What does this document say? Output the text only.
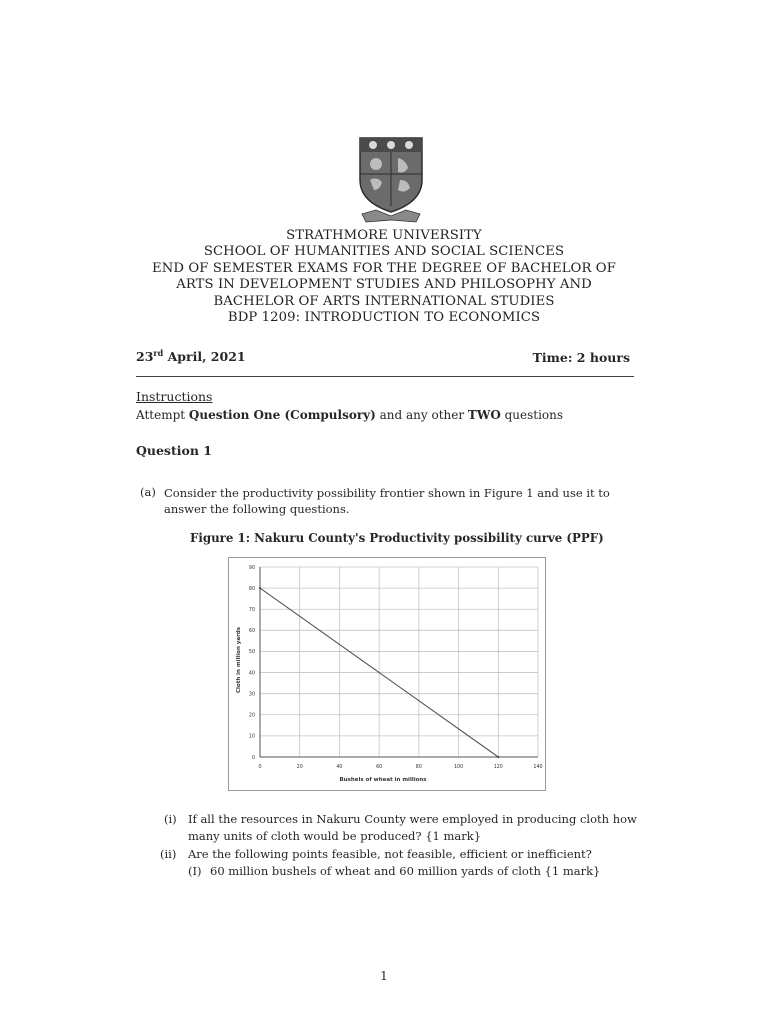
STRATHMORE UNIVERSITY
SCHOOL OF HUMANITIES AND SOCIAL SCIENCES
END OF SEMESTER EXAMS FOR THE DEGREE OF BACHELOR OF
ARTS IN DEVELOPMENT STUDIES AND PHILOSOPHY AND
BACHELOR OF ARTS INTERNATIONAL STUDIES
BDP 1209: INTRODUCTION TO ECONOMICS
23rd April, 2021	Time: 2 hours
Instructions
Attempt Question One (Compulsory) and any other TWO questions
Question 1
(a) Consider the productivity possibility frontier shown in Figure 1 and use it to answer the following questions.
Figure 1: Nakuru County's Productivity possibility curve (PPF)
0	20	40	60	80	100	120	140
0
10
20
30
40
50
60
70
80
90
Bushels of wheat in millions
Cloth in million yards
(i) If all the resources in Nakuru County were employed in producing cloth how many units of cloth would be produced? {1 mark}
(ii) Are the following points feasible, not feasible, efficient or inefficient?
(I) 60 million bushels of wheat and 60 million yards of cloth {1 mark}
1
